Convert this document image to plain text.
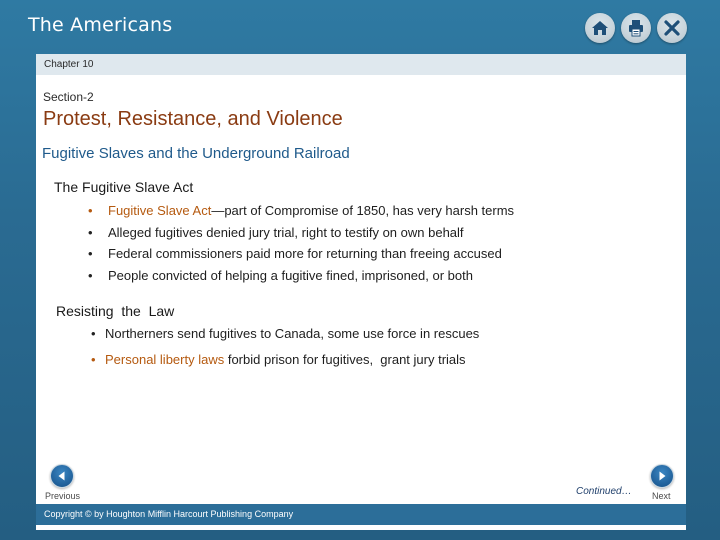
The Americans
Chapter 10
Section-2
Protest, Resistance, and Violence
Fugitive Slaves and the Underground Railroad
The Fugitive Slave Act
• Fugitive Slave Act—part of Compromise of 1850, has very harsh terms
• Alleged fugitives denied jury trial, right to testify on own behalf
• Federal commissioners paid more for returning than freeing accused
• People convicted of helping a fugitive fined, imprisoned, or both
Resisting  the  Law
• Northerners send fugitives to Canada, some use force in rescues
• Personal liberty laws forbid prison for fugitives,  grant jury trials
Previous	Continued… Next
Copyright © by Houghton Mifflin Harcourt Publishing Company
